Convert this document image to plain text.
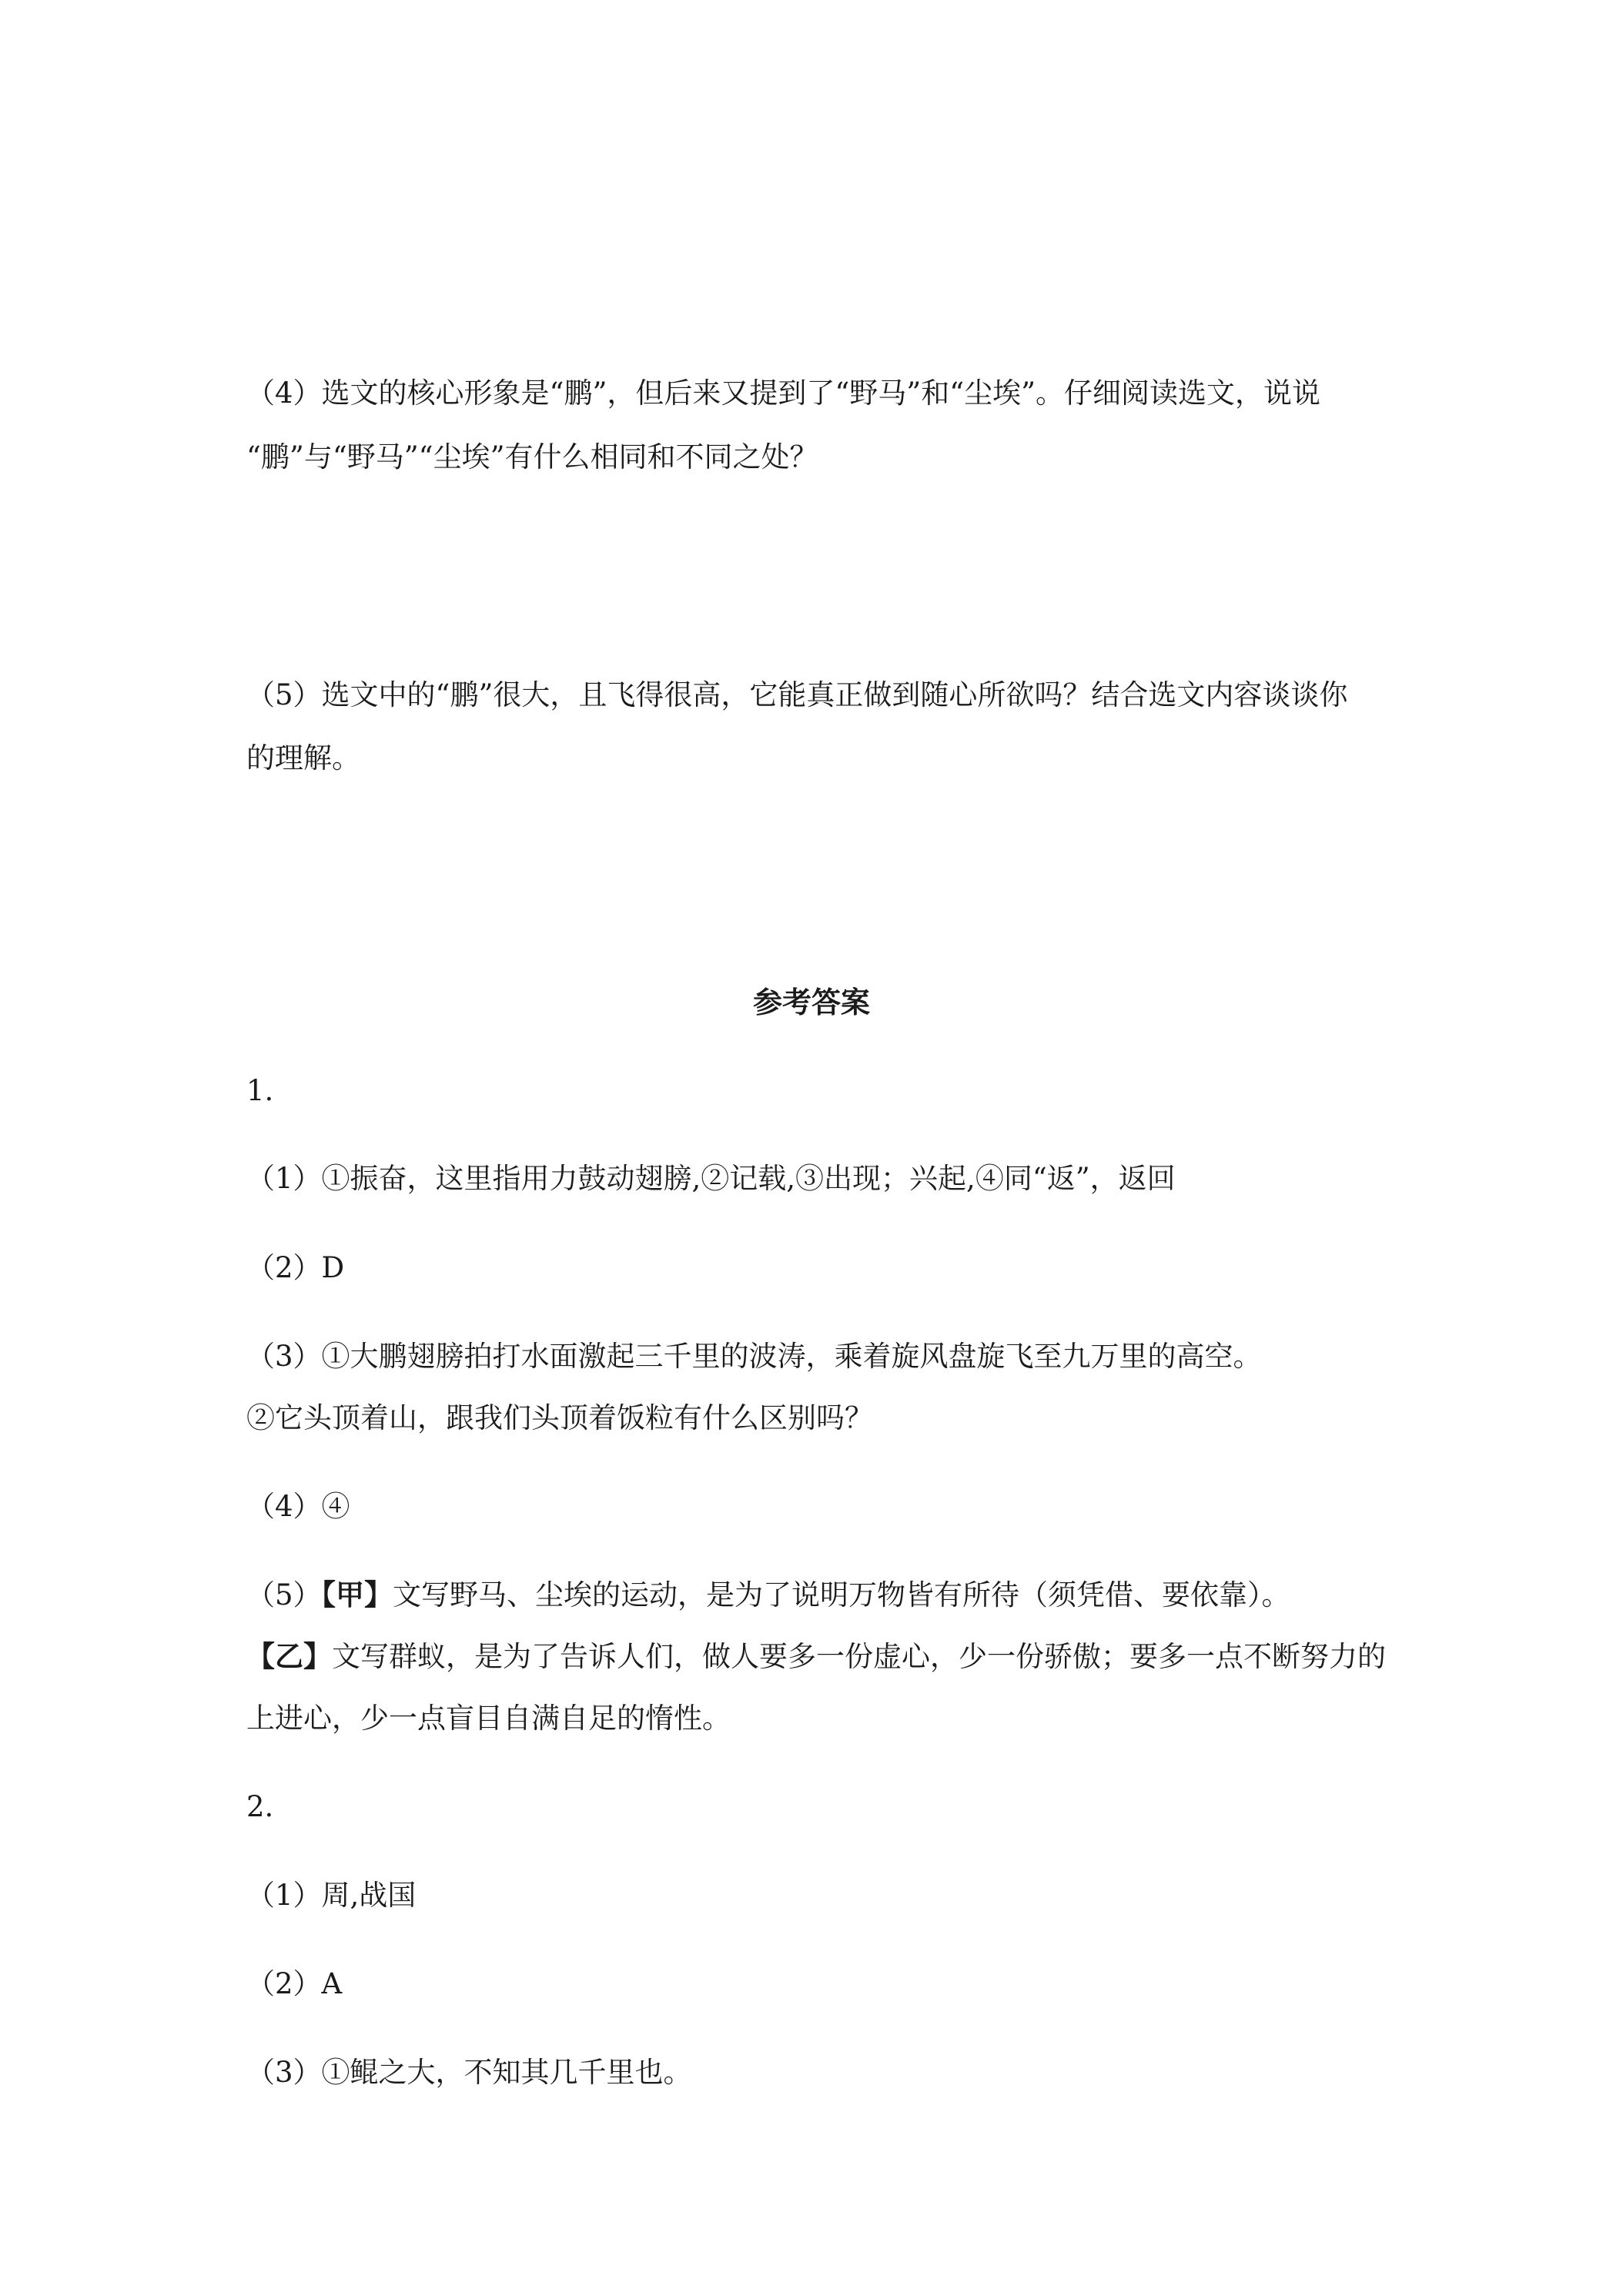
（4）选文的核心形象是“鹏”，但后来又提到了“野马”和“尘埃”。仔细阅读选文，说说
“鹏”与“野马”“尘埃”有什么相同和不同之处？
（5）选文中的“鹏”很大，且飞得很高，它能真正做到随心所欲吗？结合选文内容谈谈你
的理解。
参考答案
1.
（1）①振奋，这里指用力鼓动翅膀,②记载,③出现；兴起,④同“返”，返回
（2）D
（3）①大鹏翅膀拍打水面激起三千里的波涛，乘着旋风盘旋飞至九万里的高空。
②它头顶着山，跟我们头顶着饭粒有什么区别吗？
（4）④
（5）【甲】文写野马、尘埃的运动，是为了说明万物皆有所待（须凭借、要依靠）。
【乙】文写群蚁，是为了告诉人们，做人要多一份虚心，少一份骄傲；要多一点不断努力的
上进心，少一点盲目自满自足的惰性。
2.
（1）周,战国
（2）A
（3）①鲲之大，不知其几千里也。
